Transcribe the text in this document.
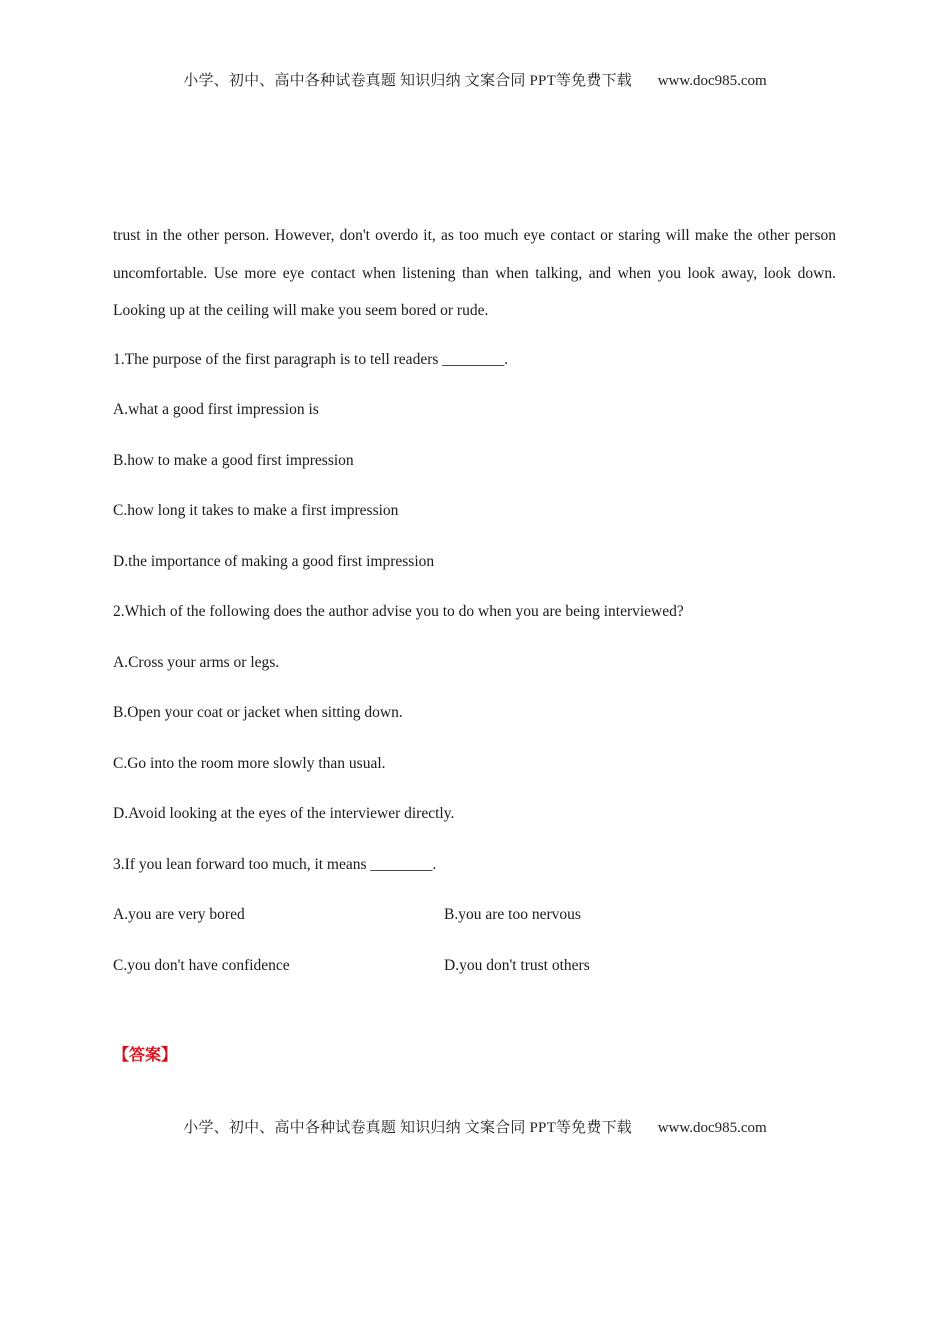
小学、初中、高中各种试卷真题 知识归纳 文案合同 PPT等免费下载 www.doc985.com

trust in the other person. However, don't overdo it, as too much eye contact or staring will make the other person uncomfortable. Use more eye contact when listening than when talking, and when you look away, look down. Looking up at the ceiling will make you seem bored or rude.

1.The purpose of the first paragraph is to tell readers ________.

A.what a good first impression is

B.how to make a good first impression

C.how long it takes to make a first impression

D.the importance of making a good first impression

2.Which of the following does the author advise you to do when you are being interviewed?

A.Cross your arms or legs.

B.Open your coat or jacket when sitting down.

C.Go into the room more slowly than usual.

D.Avoid looking at the eyes of the interviewer directly.

3.If you lean forward too much, it means ________.

A.you are very bored	B.you are too nervous
C.you don't have confidence	D.you don't trust others
【答案】
小学、初中、高中各种试卷真题 知识归纳 文案合同 PPT等免费下载 www.doc985.com
